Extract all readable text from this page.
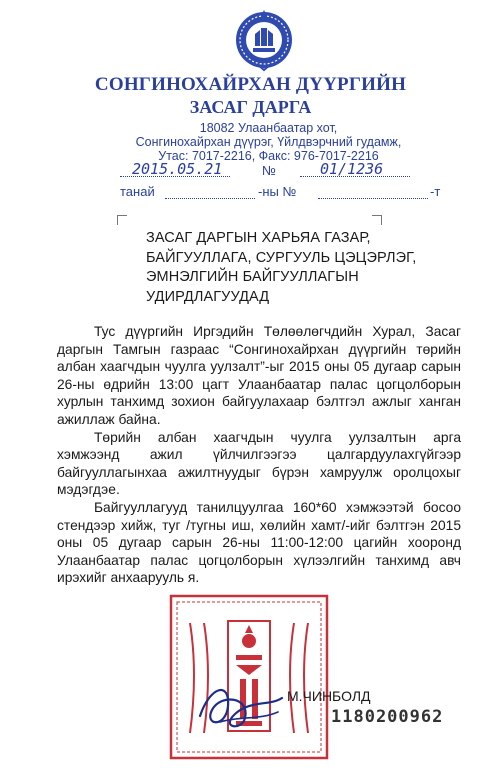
СОНГИНОХАЙРХАН ДҮҮРГИЙН
ЗАСАГ ДАРГА
18082 Улаанбаатар хот,
Сонгинохайрхан дүүрэг, Үйлдвэрчний гудамж,
Утас: 7017-2216, Факс: 976-7017-2216
2015.05.21	№	01/1236
танай	-ны №	-т
ЗАСАГ ДАРГЫН ХАРЬЯА ГАЗАР,
БАЙГУУЛЛАГА, СУРГУУЛЬ ЦЭЦЭРЛЭГ,
ЭМНЭЛГИЙН БАЙГУУЛЛАГЫН
УДИРДЛАГУУДАД

Тус дүүргийн Иргэдийн Төлөөлөгчдийн Хурал, Засаг даргын Тамгын газраас “Сонгинохайрхан дүүргийн төрийн албан хаагчдын чуулга уулзалт”-ыг 2015 оны 05 дугаар сарын 26-ны өдрийн 13:00 цагт Улаанбаатар палас цогцолборын хурлын танхимд зохион байгуулахаар бэлтгэл ажлыг ханган ажиллаж байна.

Төрийн албан хаагчдын чуулга уулзалтын арга хэмжээнд ажил үйлчилгээгээ цалгардуулахгүйгээр байгууллагынхаа ажилтнуудыг бүрэн хамруулж оролцохыг мэдэгдэе.

Байгууллагууд танилцуулгаа 160*60 хэмжээтэй босоо стендээр хийж, туг /тугны иш, хөлийн хамт/-ийг бэлтгэн 2015 оны 05 дугаар сарын 26-ны 11:00-12:00 цагийн хооронд Улаанбаатар палас цогцолборын хүлээлгийн танхимд авч ирэхийг анхаарууль я.

М.ЧИНБОЛД
1180200962
